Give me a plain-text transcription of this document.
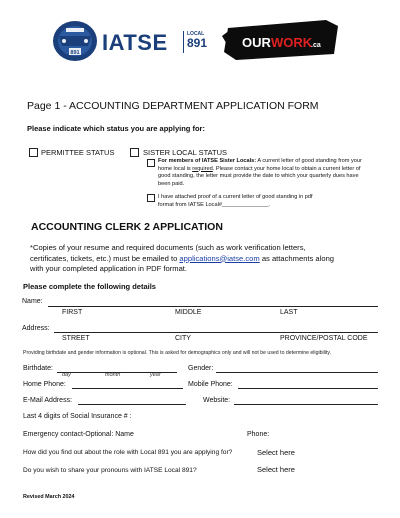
891 IATSE	LOCAL
891	OUR WORK
.ca
Page 1 - ACCOUNTING DEPARTMENT APPLICATION FORM
Please indicate which status you are applying for:
PERMITTEE STATUS	SISTER LOCAL STATUS
For members of IATSE Sister Locals: A current letter of good standing from your
home local is required. Please contact your home local to obtain a current letter of
good standing, the letter must provide the date to which your quarterly dues have
been paid.
I have attached proof of a current letter of good standing in pdf
format from IATSE Local#_______________.
ACCOUNTING CLERK 2 APPLICATION
*Copies of your resume and required documents (such as work verification letters,
certificates, tickets, etc.) must be emailed to applications@iatse.com as attachments along
with your completed application in PDF format.
Please complete the following details
Name:
FIRST	MIDDLE	LAST
Address:
STREET	CITY	PROVINCE/POSTAL CODE
Providing birthdate and gender information is optional. This is asked for demographics only and will not be used to determine eligibility.
Birthdate:
day	month	year
Gender:
Home Phone:	Mobile Phone:
E-Mail Address:	Website:
Last 4 digits of Social Insurance # :
Emergency contact-Optional: Name	Phone:
How did you find out about the role with Local 891 you are applying for?	Select here
Do you wish to share your pronouns with IATSE Local 891?	Select here
Revised March 2024
